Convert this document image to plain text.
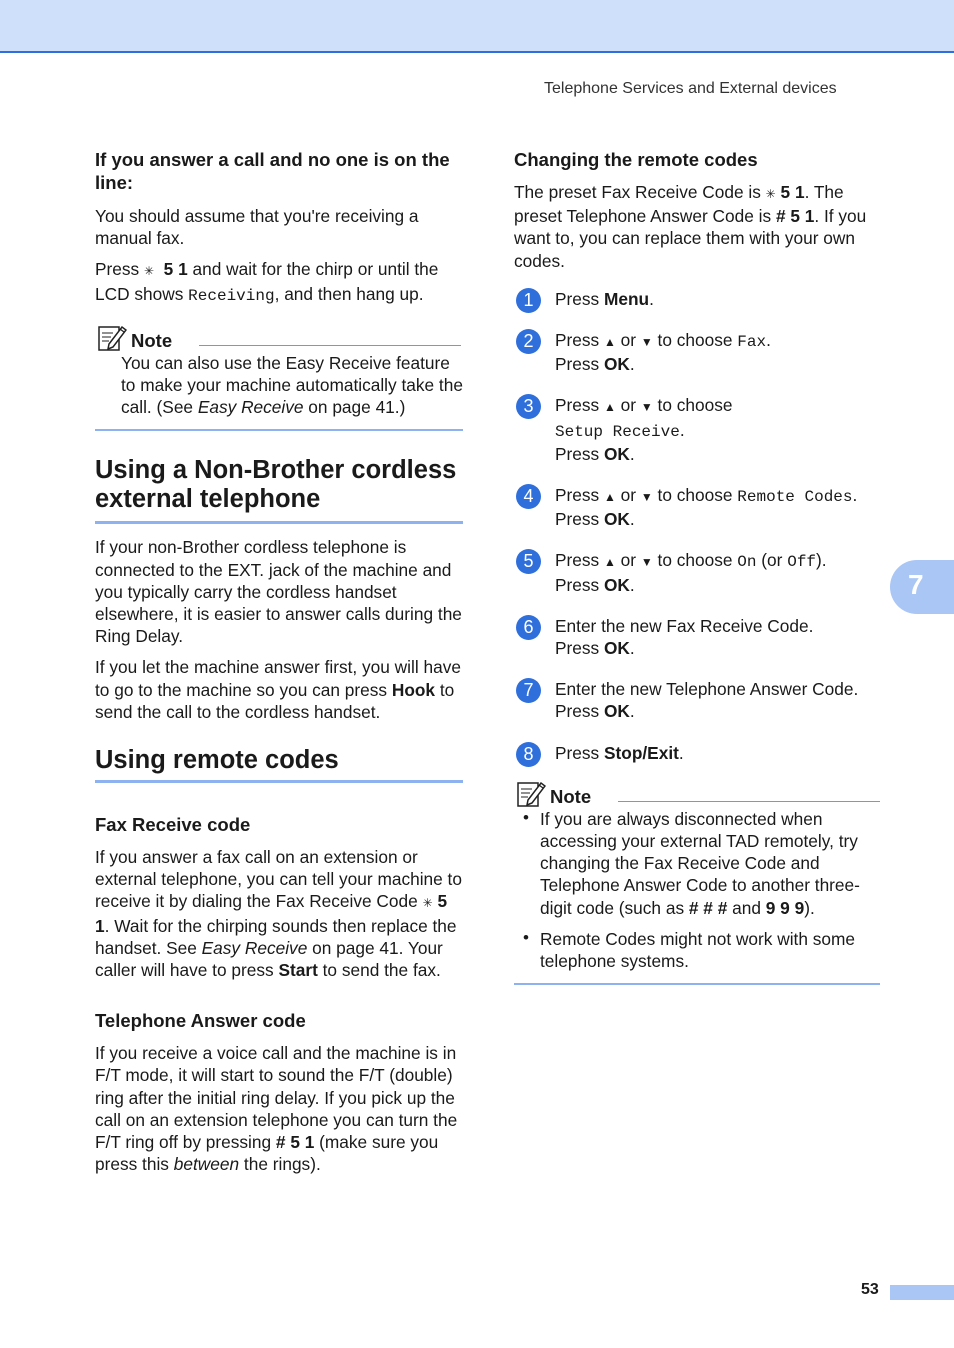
Telephone Services and External devices
7
If you answer a call and no one is on the line:

You should assume that you're receiving a manual fax.

Press ✳ 5 1 and wait for the chirp or until the LCD shows Receiving, and then hang up.

Note

You can also use the Easy Receive feature to make your machine automatically take the call. (See Easy Receive on page 41.)

Using a Non-Brother cordless external telephone

If your non-Brother cordless telephone is connected to the EXT. jack of the machine and you typically carry the cordless handset elsewhere, it is easier to answer calls during the Ring Delay.

If you let the machine answer first, you will have to go to the machine so you can press Hook to send the call to the cordless handset.

Using remote codes
Fax Receive code

If you answer a fax call on an extension or external telephone, you can tell your machine to receive it by dialing the Fax Receive Code ✳ 5 1. Wait for the chirping sounds then replace the handset. See Easy Receive on page 41. Your caller will have to press Start to send the fax.

Telephone Answer code

If you receive a voice call and the machine is in F/T mode, it will start to sound the F/T (double) ring after the initial ring delay. If you pick up the call on an extension telephone you can turn the F/T ring off by pressing # 5 1 (make sure you press this between the rings).

Changing the remote codes

The preset Fax Receive Code is ✳ 5 1. The preset Telephone Answer Code is # 5 1. If you want to, you can replace them with your own codes.

1	Press Menu.

2	Press ▲ or ▼ to choose Fax.

Press OK.

3	Press ▲ or ▼ to choose

Setup Receive.

Press OK.

4	Press ▲ or ▼ to choose Remote Codes.

Press OK.

5	Press ▲ or ▼ to choose On (or Off).

Press OK.

6	Enter the new Fax Receive Code.

Press OK.

7	Enter the new Telephone Answer Code.

Press OK.

8	Press Stop/Exit.

Note

• If you are always disconnected when accessing your external TAD remotely, try changing the Fax Receive Code and Telephone Answer Code to another three-digit code (such as # # # and 9 9 9).

• Remote Codes might not work with some telephone systems.

53
